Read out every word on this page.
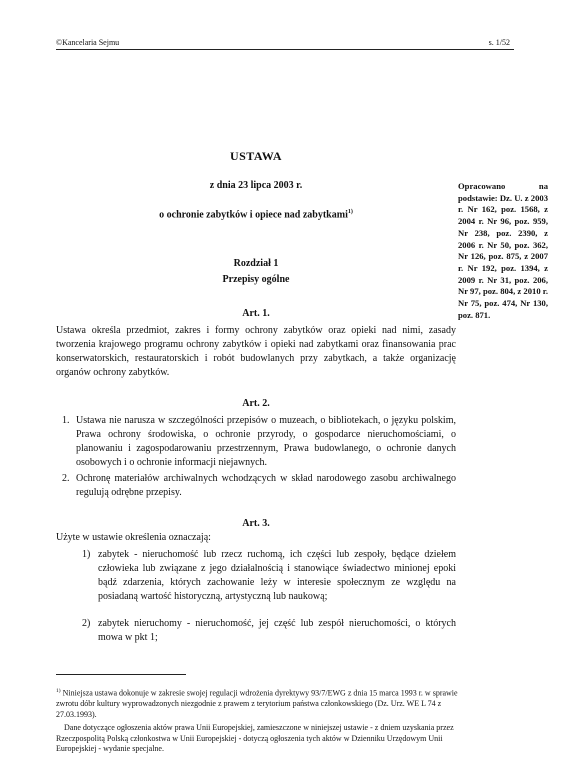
©Kancelaria Sejmu	s. 1/52
USTAWA
z dnia 23 lipca 2003 r.
o ochronie zabytków i opiece nad zabytkami$^{1)}$
Opracowano na podstawie: Dz. U. z 2003 r. Nr 162, poz. 1568, z 2004 r. Nr 96, poz. 959, Nr 238, poz. 2390, z 2006 r. Nr 50, poz. 362, Nr 126, poz. 875, z 2007 r. Nr 192, poz. 1394, z 2009 r. Nr 31, poz. 206, Nr 97, poz. 804, z 2010 r. Nr 75, poz. 474, Nr 130, poz. 871.
Rozdział 1
Przepisy ogólne
Art. 1.
Ustawa określa przedmiot, zakres i formy ochrony zabytków oraz opieki nad nimi, zasady tworzenia krajowego programu ochrony zabytków i opieki nad zabytkami oraz finansowania prac konserwatorskich, restauratorskich i robót budowlanych przy zabytkach, a także organizację organów ochrony zabytków.
Art. 2.
1. Ustawa nie narusza w szczególności przepisów o muzeach, o bibliotekach, o języku polskim, Prawa ochrony środowiska, o ochronie przyrody, o gospodarce nieruchomościami, o planowaniu i zagospodarowaniu przestrzennym, Prawa budowlanego, o ochronie danych osobowych i o ochronie informacji niejawnych.
2. Ochronę materiałów archiwalnych wchodzących w skład narodowego zasobu archiwalnego regulują odrębne przepisy.
Art. 3.
Użyte w ustawie określenia oznaczają:
1) zabytek - nieruchomość lub rzecz ruchomą, ich części lub zespoły, będące dziełem człowieka lub związane z jego działalnością i stanowiące świadectwo minionej epoki bądź zdarzenia, których zachowanie leży w interesie społecznym ze względu na posiadaną wartość historyczną, artystyczną lub naukową;
2) zabytek nieruchomy - nieruchomość, jej część lub zespół nieruchomości, o których mowa w pkt 1;
$^{1)}$ Niniejsza ustawa dokonuje w zakresie swojej regulacji wdrożenia dyrektywy 93/7/EWG z dnia 15 marca 1993 r. w sprawie zwrotu dóbr kultury wyprowadzonych niezgodnie z prawem z terytorium państwa członkowskiego (Dz. Urz. WE L 74 z 27.03.1993).
Dane dotyczące ogłoszenia aktów prawa Unii Europejskiej, zamieszczone w niniejszej ustawie - z dniem uzyskania przez Rzeczpospolitą Polską członkostwa w Unii Europejskiej - dotyczą ogłoszenia tych aktów w Dzienniku Urzędowym Unii Europejskiej - wydanie specjalne.
